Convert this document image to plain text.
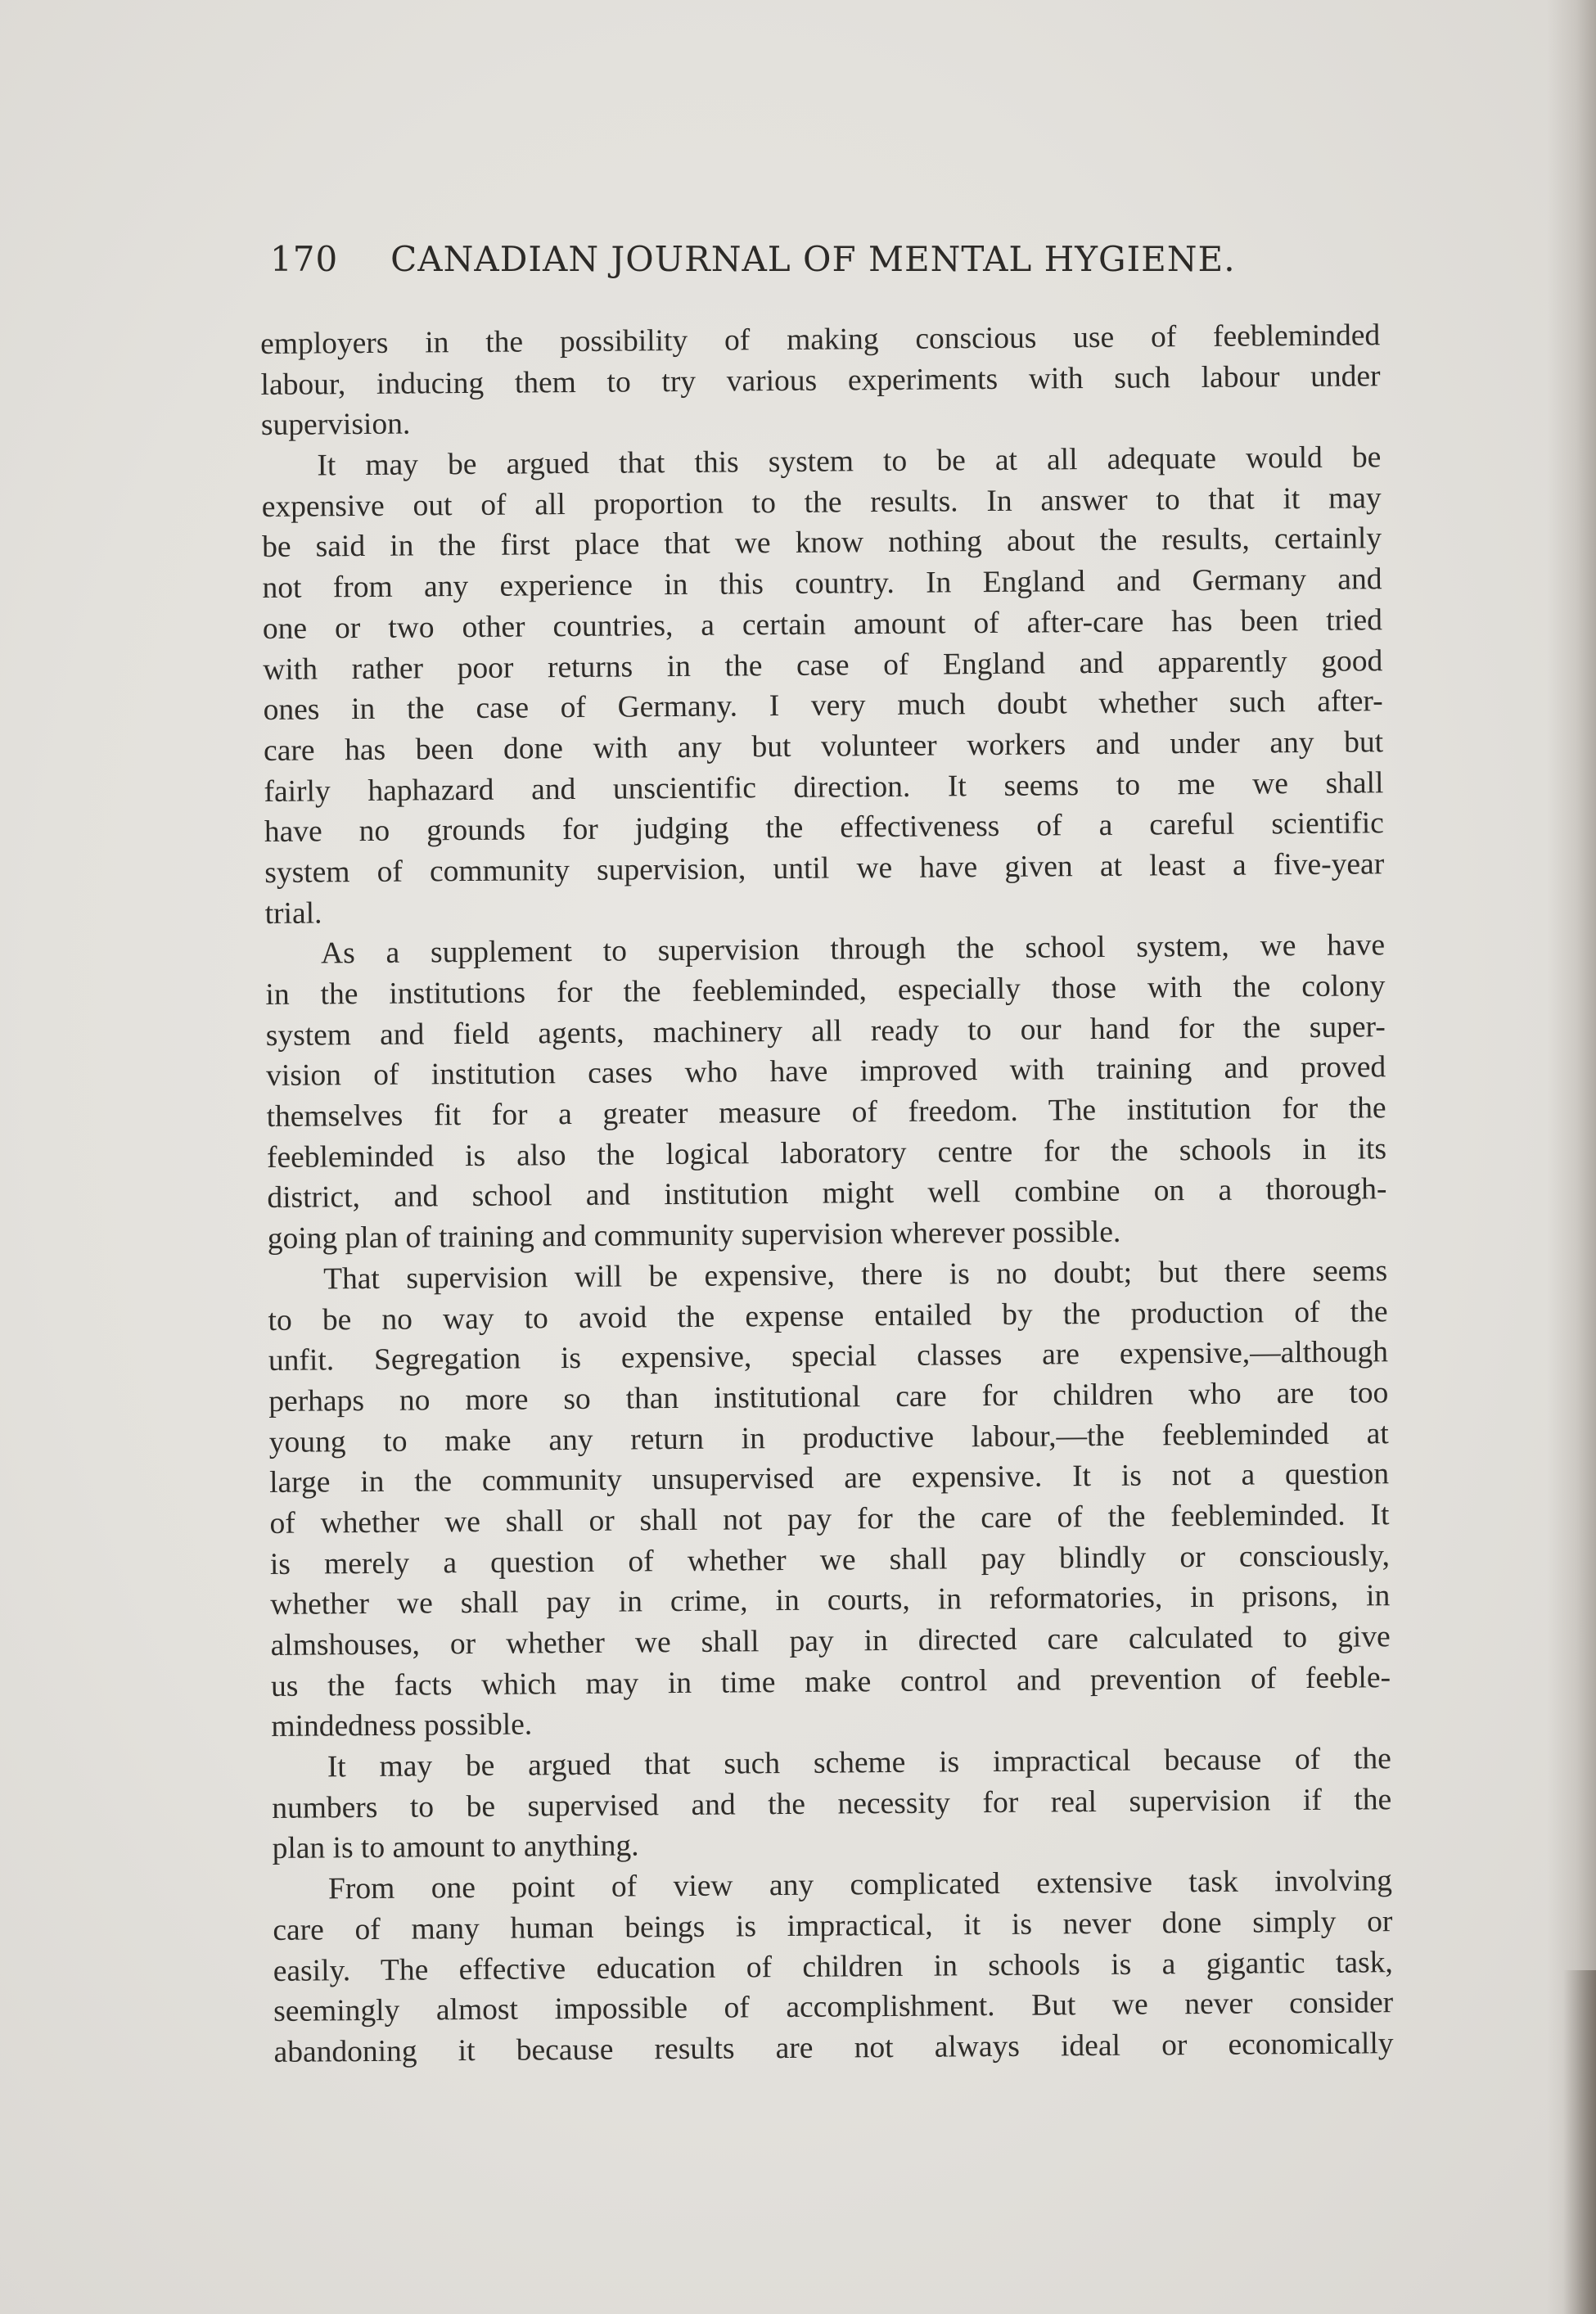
170 CANADIAN JOURNAL OF MENTAL HYGIENE.
employers in the possibility of making conscious use of feebleminded
labour, inducing them to try various experiments with such labour under
supervision.
It may be argued that this system to be at all adequate would be
expensive out of all proportion to the results. In answer to that it may
be said in the first place that we know nothing about the results, certainly
not from any experience in this country. In England and Germany and
one or two other countries, a certain amount of after-care has been tried
with rather poor returns in the case of England and apparently good
ones in the case of Germany. I very much doubt whether such after-
care has been done with any but volunteer workers and under any but
fairly haphazard and unscientific direction. It seems to me we shall
have no grounds for judging the effectiveness of a careful scientific
system of community supervision, until we have given at least a five-year
trial.
As a supplement to supervision through the school system, we have
in the institutions for the feebleminded, especially those with the colony
system and field agents, machinery all ready to our hand for the super-
vision of institution cases who have improved with training and proved
themselves fit for a greater measure of freedom. The institution for the
feebleminded is also the logical laboratory centre for the schools in its
district, and school and institution might well combine on a thorough-
going plan of training and community supervision wherever possible.
That supervision will be expensive, there is no doubt; but there seems
to be no way to avoid the expense entailed by the production of the
unfit. Segregation is expensive, special classes are expensive,—although
perhaps no more so than institutional care for children who are too
young to make any return in productive labour,—the feebleminded at
large in the community unsupervised are expensive. It is not a question
of whether we shall or shall not pay for the care of the feebleminded. It
is merely a question of whether we shall pay blindly or consciously,
whether we shall pay in crime, in courts, in reformatories, in prisons, in
almshouses, or whether we shall pay in directed care calculated to give
us the facts which may in time make control and prevention of feeble-
mindedness possible.
It may be argued that such scheme is impractical because of the
numbers to be supervised and the necessity for real supervision if the
plan is to amount to anything.
From one point of view any complicated extensive task involving
care of many human beings is impractical, it is never done simply or
easily. The effective education of children in schools is a gigantic task,
seemingly almost impossible of accomplishment. But we never consider
abandoning it because results are not always ideal or economically
